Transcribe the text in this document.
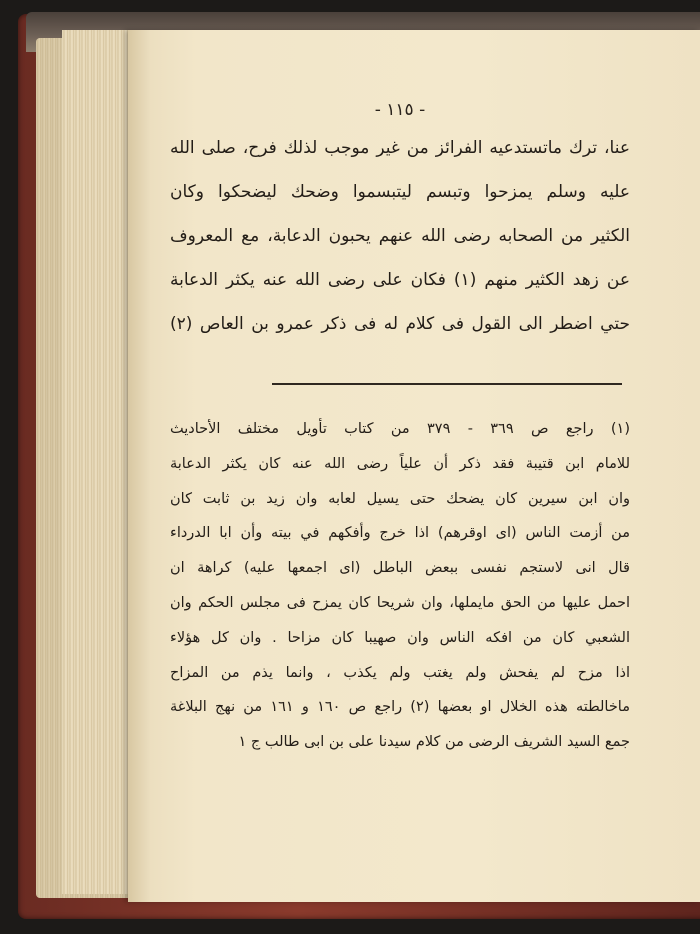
- ١١٥ -
عنا، ترك ماتستدعيه الفرائز من غير موجب لذلك فرح، صلى الله
عليه وسلم يمزحوا وتبسم ليتبسموا وضحك ليضحكوا وكان
الكثير من الصحابه رضى الله عنهم يحبون الدعابة، مع المعروف
عن زهد الكثير منهم (١) فكان على رضى الله عنه يكثر الدعابة
حتي اضطر الى القول فى كلام له فى ذكر عمرو بن العاص (٢)
(١) راجع ص ٣٦٩ - ٣٧٩ من كتاب تأويل مختلف الأحاديث
للامام ابن قتيبة فقد ذكر أن علياً رضى الله عنه كان يكثر الدعابة
وان ابن سيرين كان يضحك حتى يسيل لعابه وان زيد بن ثابت كان
من أزمت الناس (اى اوقرهم) اذا خرج وأفكهم في بيته وأن ابا الدرداء
قال انى لاستجم نفسى ببعض الباطل (اى اجمعها عليه) كراهة ان
احمل عليها من الحق مايملها، وان شريحا كان يمزح فى مجلس الحكم وان
الشعبي كان من افكه الناس وان صهيبا كان مزاحا . وان كل هؤلاء
اذا مزح لم يفحش ولم يغتب ولم يكذب ، وانما يذم من المزاح
ماخالطته هذه الخلال او بعضها (٢) راجع ص ١٦٠ و ١٦١ من نهج البلاغة
جمع السيد الشريف الرضى من كلام سيدنا على بن ابى طالب ج ١
